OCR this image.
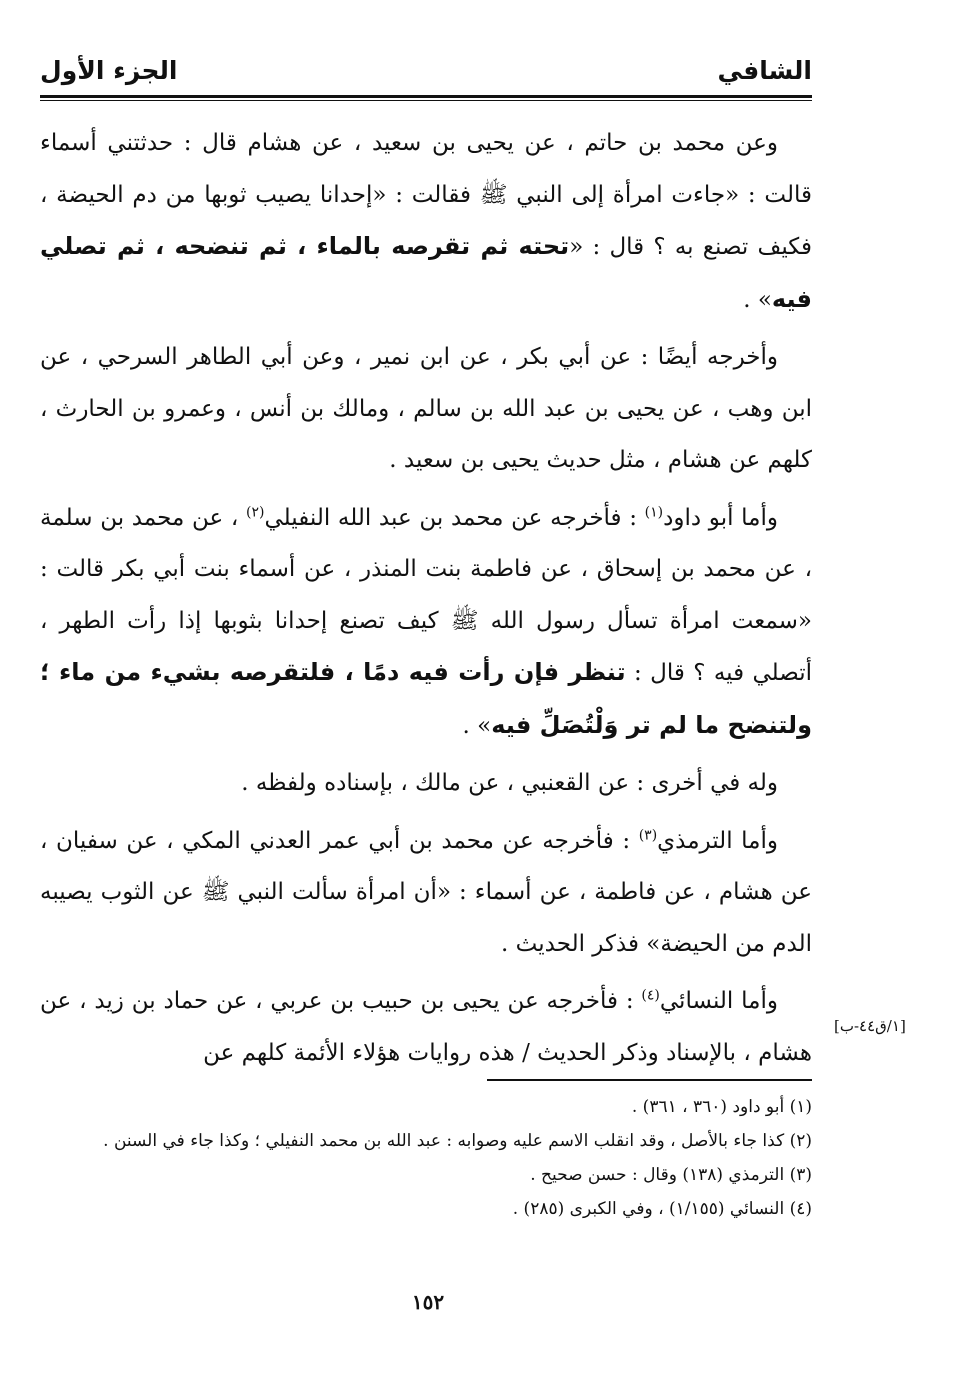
الشافي
الجزء الأول

وعن محمد بن حاتم ، عن يحيى بن سعيد ، عن هشام قال : حدثتني أسماء قالت : «جاءت امرأة إلى النبي ﷺ فقالت : «إحدانا يصيب ثوبها من دم الحيضة ، فكيف تصنع به ؟ قال : «تحته ثم تقرصه بالماء ، ثم تنضحه ، ثم تصلي فيه» .

وأخرجه أيضًا : عن أبي بكر ، عن ابن نمير ، وعن أبي الطاهر السرحي ، عن ابن وهب ، عن يحيى بن عبد الله بن سالم ، ومالك بن أنس ، وعمرو بن الحارث ، كلهم عن هشام ، مثل حديث يحيى بن سعيد .

وأما أبو داود$^{(١)}$ : فأخرجه عن محمد بن عبد الله النفيلي$^{(٢)}$ ، عن محمد بن سلمة ، عن محمد بن إسحاق ، عن فاطمة بنت المنذر ، عن أسماء بنت أبي بكر قالت : «سمعت امرأة تسأل رسول الله ﷺ كيف تصنع إحدانا بثوبها إذا رأت الطهر ، أتصلي فيه ؟ قال : تنظر فإن رأت فيه دمًا ، فلتقرصه بشيء من ماء ؛ ولتنضح ما لم تر وَلْتُصَلِّ فيه» .

وله في أخرى : عن القعنبي ، عن مالك ، بإسناده ولفظه .

وأما الترمذي$^{(٣)}$ : فأخرجه عن محمد بن أبي عمر العدني المكي ، عن سفيان ، عن هشام ، عن فاطمة ، عن أسماء : «أن امرأة سألت النبي ﷺ عن الثوب يصيبه الدم من الحيضة» فذكر الحديث .

وأما النسائي$^{(٤)}$ : فأخرجه عن يحيى بن حبيب بن عربي ، عن حماد بن زيد ، عن هشام ، بالإسناد وذكر الحديث / هذه روايات هؤلاء الأئمة كلهم عن

[١/ق٤٤-ب]
(١) أبو داود (٣٦٠ ، ٣٦١) .
(٢) كذا جاء بالأصل ، وقد انقلب الاسم عليه وصوابه : عبد الله بن محمد النفيلي ؛ وكذا جاء في السنن .
(٣) الترمذي (١٣٨) وقال : حسن صحيح .
(٤) النسائي (١/١٥٥) ، وفي الكبرى (٢٨٥) .
١٥٢
